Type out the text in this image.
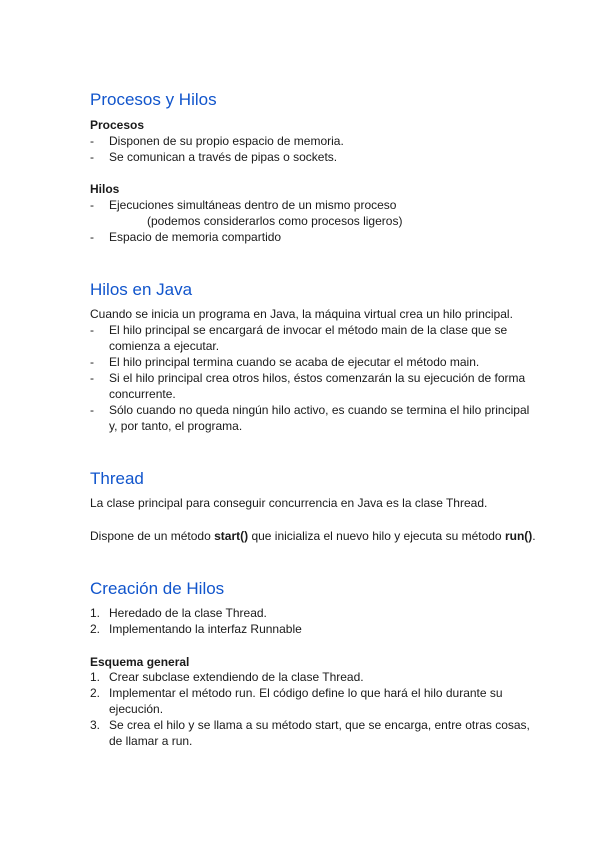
Procesos y Hilos
Procesos
- Disponen de su propio espacio de memoria.
- Se comunican a través de pipas o sockets.
Hilos
- Ejecuciones simultáneas dentro de un mismo proceso
(podemos considerarlos como procesos ligeros)
- Espacio de memoria compartido
Hilos en Java
Cuando se inicia un programa en Java, la máquina virtual crea un hilo principal.
- El hilo principal se encargará de invocar el método main de la clase que se
comienza a ejecutar.
- El hilo principal termina cuando se acaba de ejecutar el método main.
- Si el hilo principal crea otros hilos, éstos comenzarán la su ejecución de forma
concurrente.
- Sólo cuando no queda ningún hilo activo, es cuando se termina el hilo principal
y, por tanto, el programa.
Thread
La clase principal para conseguir concurrencia en Java es la clase Thread.
Dispone de un método start() que inicializa el nuevo hilo y ejecuta su método run().
Creación de Hilos
1. Heredado de la clase Thread.
2. Implementando la interfaz Runnable
Esquema general
1. Crear subclase extendiendo de la clase Thread.
2. Implementar el método run. El código define lo que hará el hilo durante su
ejecución.
3. Se crea el hilo y se llama a su método start, que se encarga, entre otras cosas,
de llamar a run.
